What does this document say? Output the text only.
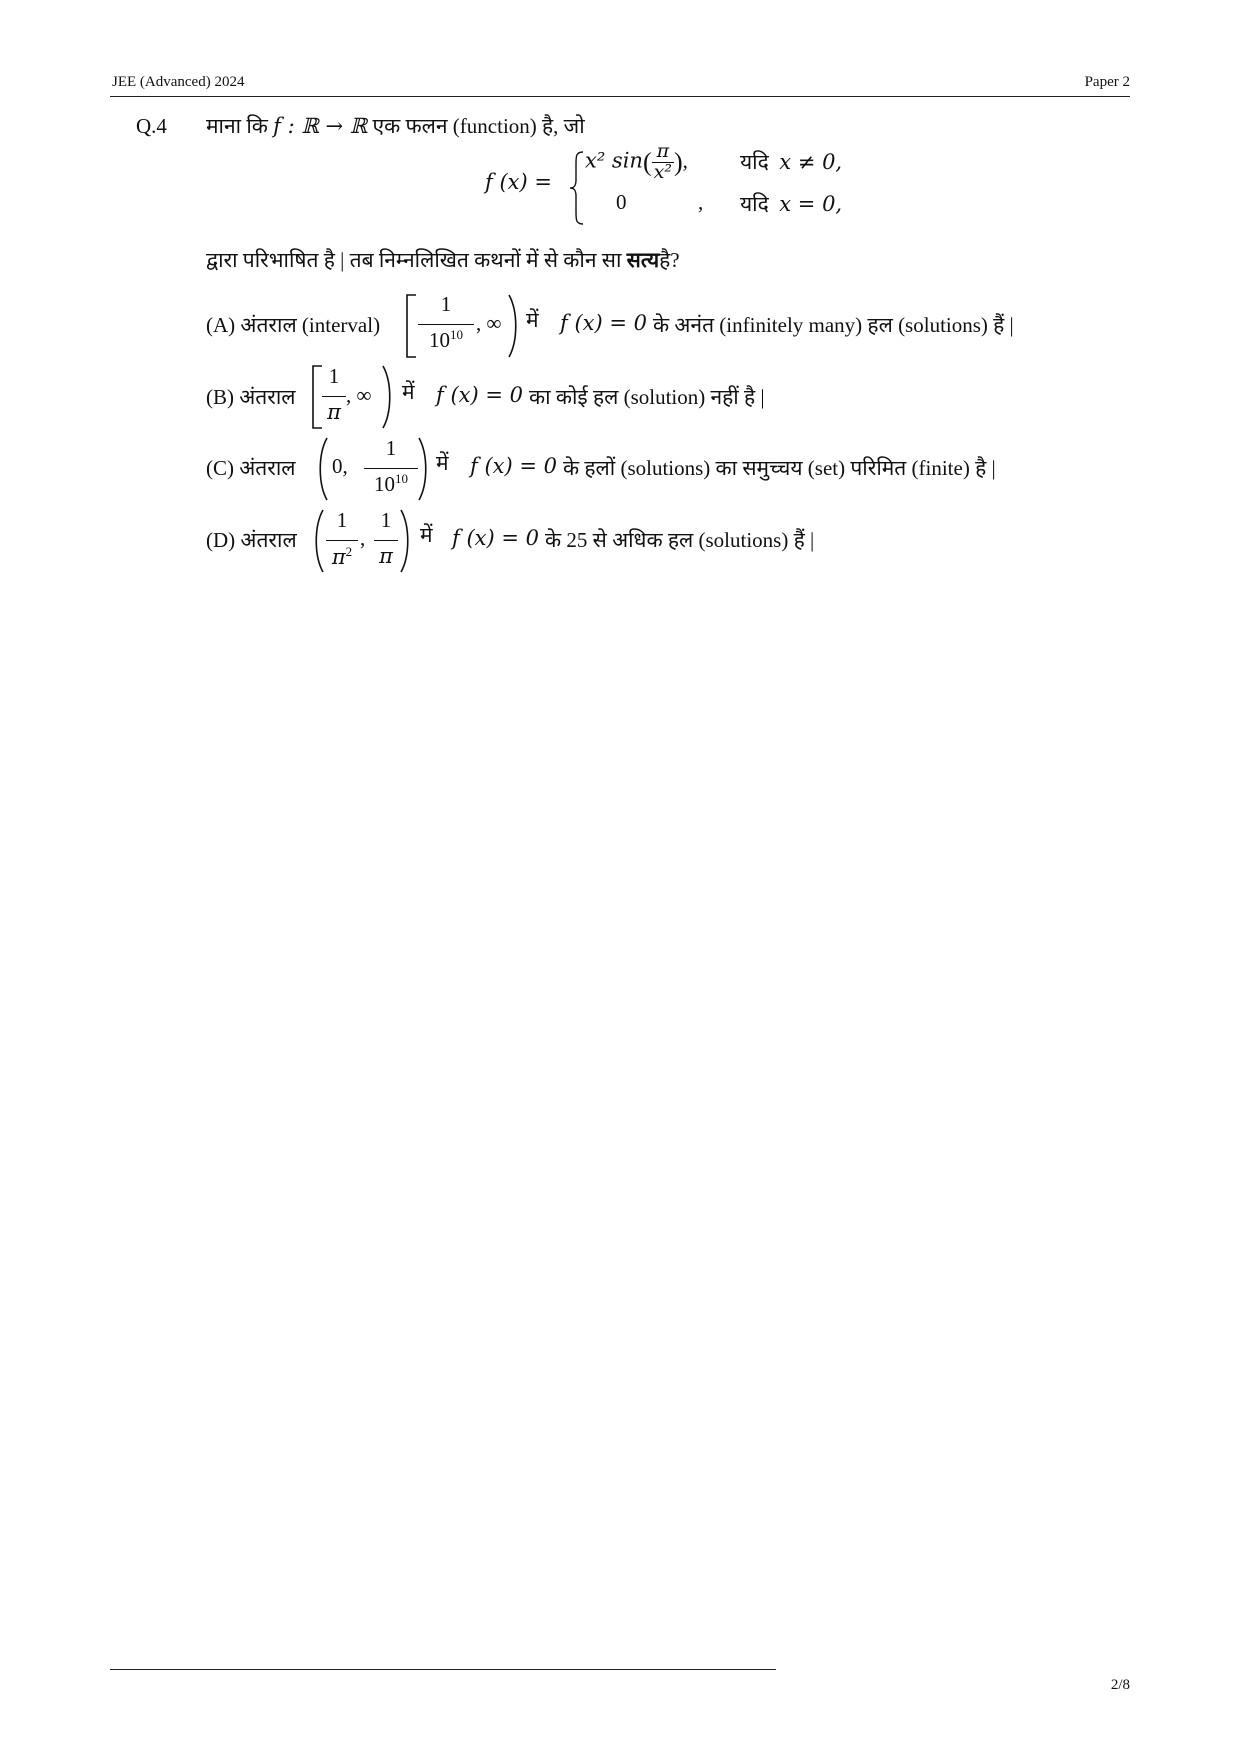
JEE (Advanced) 2024	Paper 2
Q.4 माना कि f : ℝ → ℝ एक फलन (function) है, जो
f (x) =
x² $\sin( \frac{\pi}{\text{x²}}$ ), यदि x ≠ 0,
0	, यदि x = 0,
द्वारा परिभाषित है | तब निम्नलिखित कथनों में से कौन सा सत्यहै?
(A) अंतराल (interval)
1
$10^{10}$ , ∞ में f (x) = 0 के अनंत (infinitely many) हल (solutions) हैं |
(B) अंतराल
1
π
, ∞ में f (x) = 0 का कोई हल (solution) नहीं है |
(C) अंतराल 0,
1
$10^{10}$
में f (x) = 0 के हलों (solutions) का समुच्चय (set) परिमित (finite) है |
(D) अंतराल
1
$\pi^2$
,
1
π
में f (x) = 0 के 25 से अधिक हल (solutions) हैं |
2/8
